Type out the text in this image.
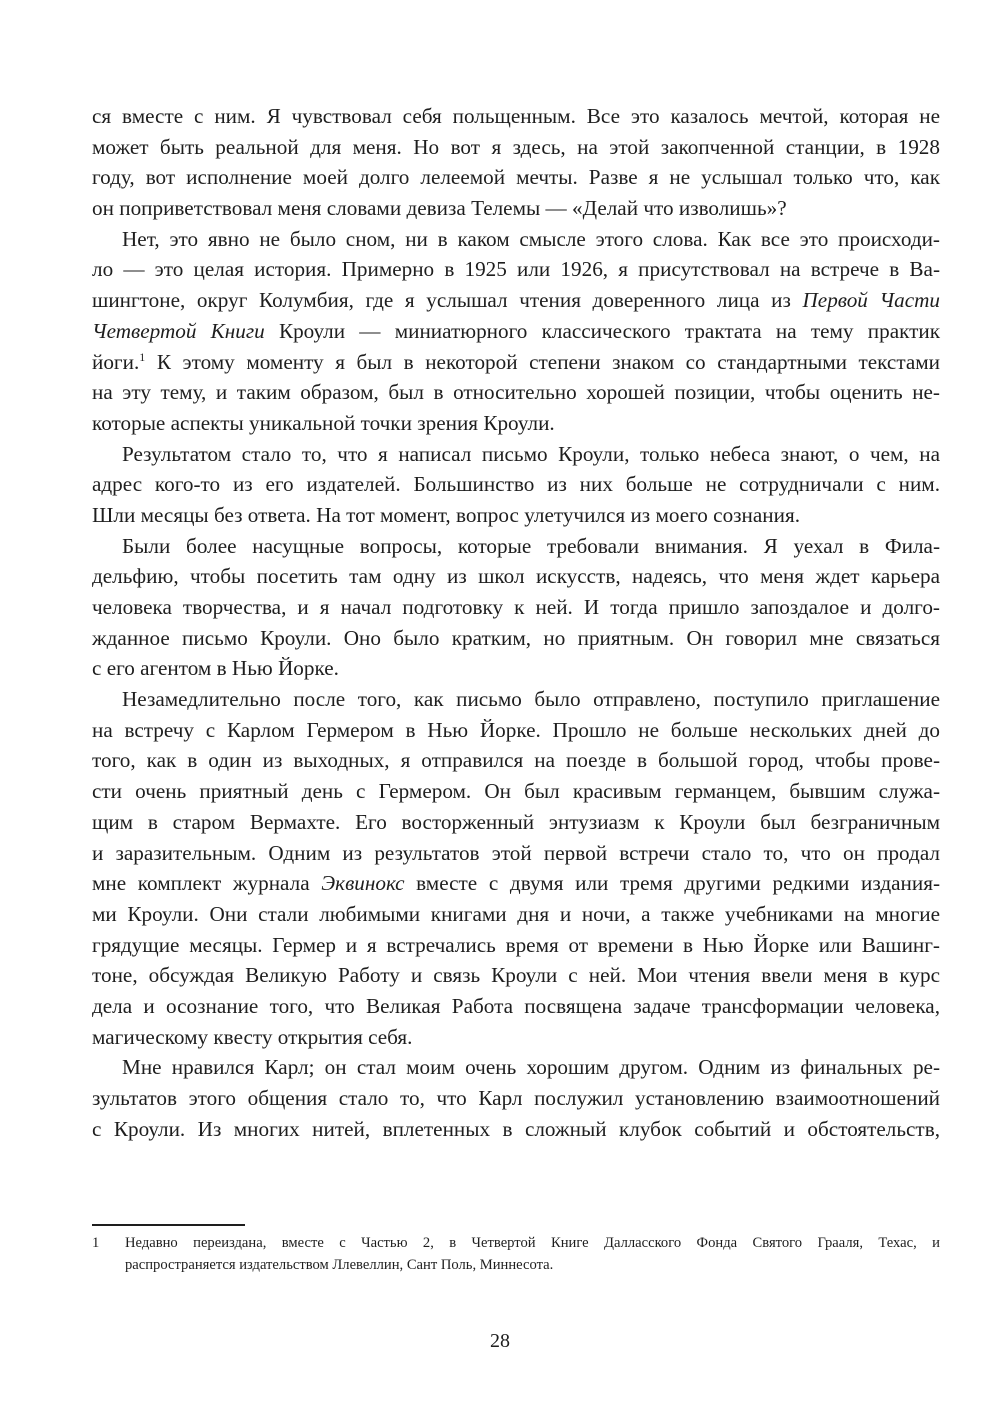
ся вместе с ним. Я чувствовал себя польщенным. Все это казалось мечтой, которая не
может быть реальной для меня. Но вот я здесь, на этой закопченной станции, в 1928
году, вот исполнение моей долго лелеемой мечты. Разве я не услышал только что, как
он поприветствовал меня словами девиза Телемы — «Делай что изволишь»?
Нет, это явно не было сном, ни в каком смысле этого слова. Как все это происходи-
ло — это целая история. Примерно в 1925 или 1926, я присутствовал на встрече в Ва-
шингтоне, округ Колумбия, где я услышал чтения доверенного лица из Первой Части
Четвертой Книги Кроули — миниатюрного классического трактата на тему практик
йоги.$^1$ К этому моменту я был в некоторой степени знаком со стандартными текстами
на эту тему, и таким образом, был в относительно хорошей позиции, чтобы оценить не-
которые аспекты уникальной точки зрения Кроули.
Результатом стало то, что я написал письмо Кроули, только небеса знают, о чем, на
адрес кого-то из его издателей. Большинство из них больше не сотрудничали с ним.
Шли месяцы без ответа. На тот момент, вопрос улетучился из моего сознания.
Были более насущные вопросы, которые требовали внимания. Я уехал в Фила-
дельфию, чтобы посетить там одну из школ искусств, надеясь, что меня ждет карьера
человека творчества, и я начал подготовку к ней. И тогда пришло запоздалое и долго-
жданное письмо Кроули. Оно было кратким, но приятным. Он говорил мне связаться
с его агентом в Нью Йорке.
Незамедлительно после того, как письмо было отправлено, поступило приглашение
на встречу с Карлом Гермером в Нью Йорке. Прошло не больше нескольких дней до
того, как в один из выходных, я отправился на поезде в большой город, чтобы прове-
сти очень приятный день с Гермером. Он был красивым германцем, бывшим служа-
щим в старом Вермахте. Его восторженный энтузиазм к Кроули был безграничным
и заразительным. Одним из результатов этой первой встречи стало то, что он продал
мне комплект журнала Эквинокс вместе с двумя или тремя другими редкими издания-
ми Кроули. Они стали любимыми книгами дня и ночи, а также учебниками на многие
грядущие месяцы. Гермер и я встречались время от времени в Нью Йорке или Вашинг-
тоне, обсуждая Великую Работу и связь Кроули с ней. Мои чтения ввели меня в курс
дела и осознание того, что Великая Работа посвящена задаче трансформации человека,
магическому квесту открытия себя.
Мне нравился Карл; он стал моим очень хорошим другом. Одним из финальных ре-
зультатов этого общения стало то, что Карл послужил установлению взаимоотношений
с Кроули. Из многих нитей, вплетенных в сложный клубок событий и обстоятельств,
1 Недавно переиздана, вместе с Частью 2, в Четвертой Книге Далласского Фонда Святого Грааля, Техас, и
распространяется издательством Ллевеллин, Сант Поль, Миннесота.
28
